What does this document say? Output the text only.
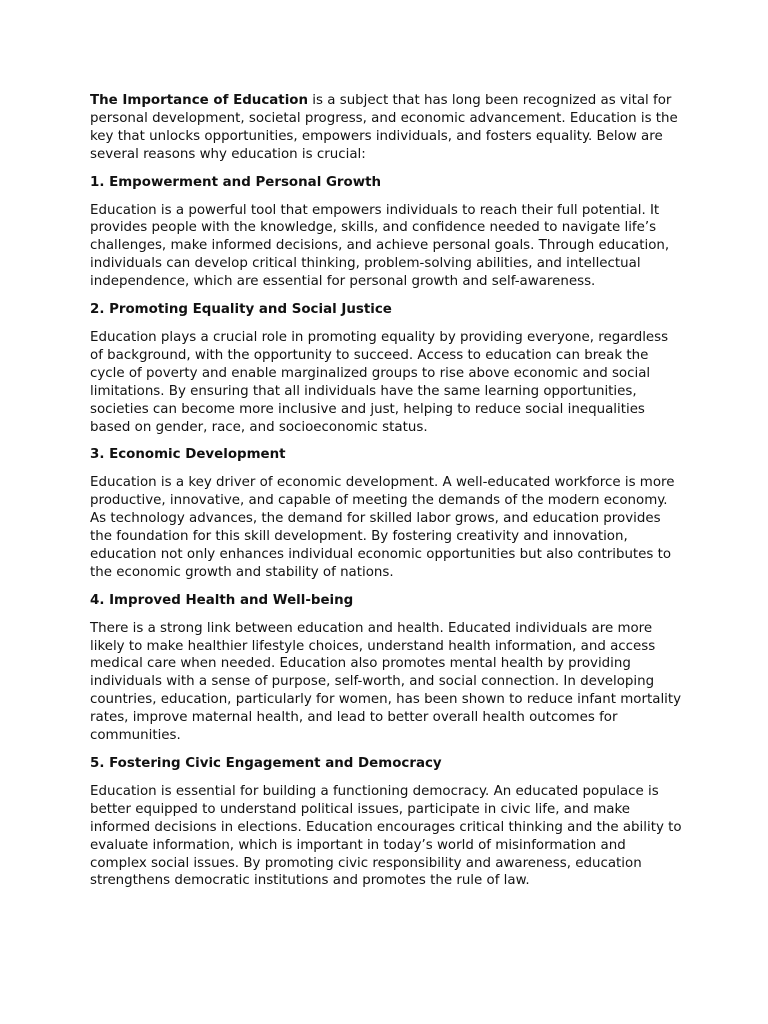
The Importance of Education is a subject that has long been recognized as vital for personal development, societal progress, and economic advancement. Education is the key that unlocks opportunities, empowers individuals, and fosters equality. Below are several reasons why education is crucial:

1. Empowerment and Personal Growth

Education is a powerful tool that empowers individuals to reach their full potential. It provides people with the knowledge, skills, and confidence needed to navigate life’s challenges, make informed decisions, and achieve personal goals. Through education, individuals can develop critical thinking, problem-solving abilities, and intellectual independence, which are essential for personal growth and self-awareness.

2. Promoting Equality and Social Justice

Education plays a crucial role in promoting equality by providing everyone, regardless of background, with the opportunity to succeed. Access to education can break the cycle of poverty and enable marginalized groups to rise above economic and social limitations. By ensuring that all individuals have the same learning opportunities, societies can become more inclusive and just, helping to reduce social inequalities based on gender, race, and socioeconomic status.

3. Economic Development

Education is a key driver of economic development. A well-educated workforce is more productive, innovative, and capable of meeting the demands of the modern economy. As technology advances, the demand for skilled labor grows, and education provides the foundation for this skill development. By fostering creativity and innovation, education not only enhances individual economic opportunities but also contributes to the economic growth and stability of nations.

4. Improved Health and Well-being

There is a strong link between education and health. Educated individuals are more likely to make healthier lifestyle choices, understand health information, and access medical care when needed. Education also promotes mental health by providing individuals with a sense of purpose, self-worth, and social connection. In developing countries, education, particularly for women, has been shown to reduce infant mortality rates, improve maternal health, and lead to better overall health outcomes for communities.

5. Fostering Civic Engagement and Democracy

Education is essential for building a functioning democracy. An educated populace is better equipped to understand political issues, participate in civic life, and make informed decisions in elections. Education encourages critical thinking and the ability to evaluate information, which is important in today’s world of misinformation and complex social issues. By promoting civic responsibility and awareness, education strengthens democratic institutions and promotes the rule of law.
